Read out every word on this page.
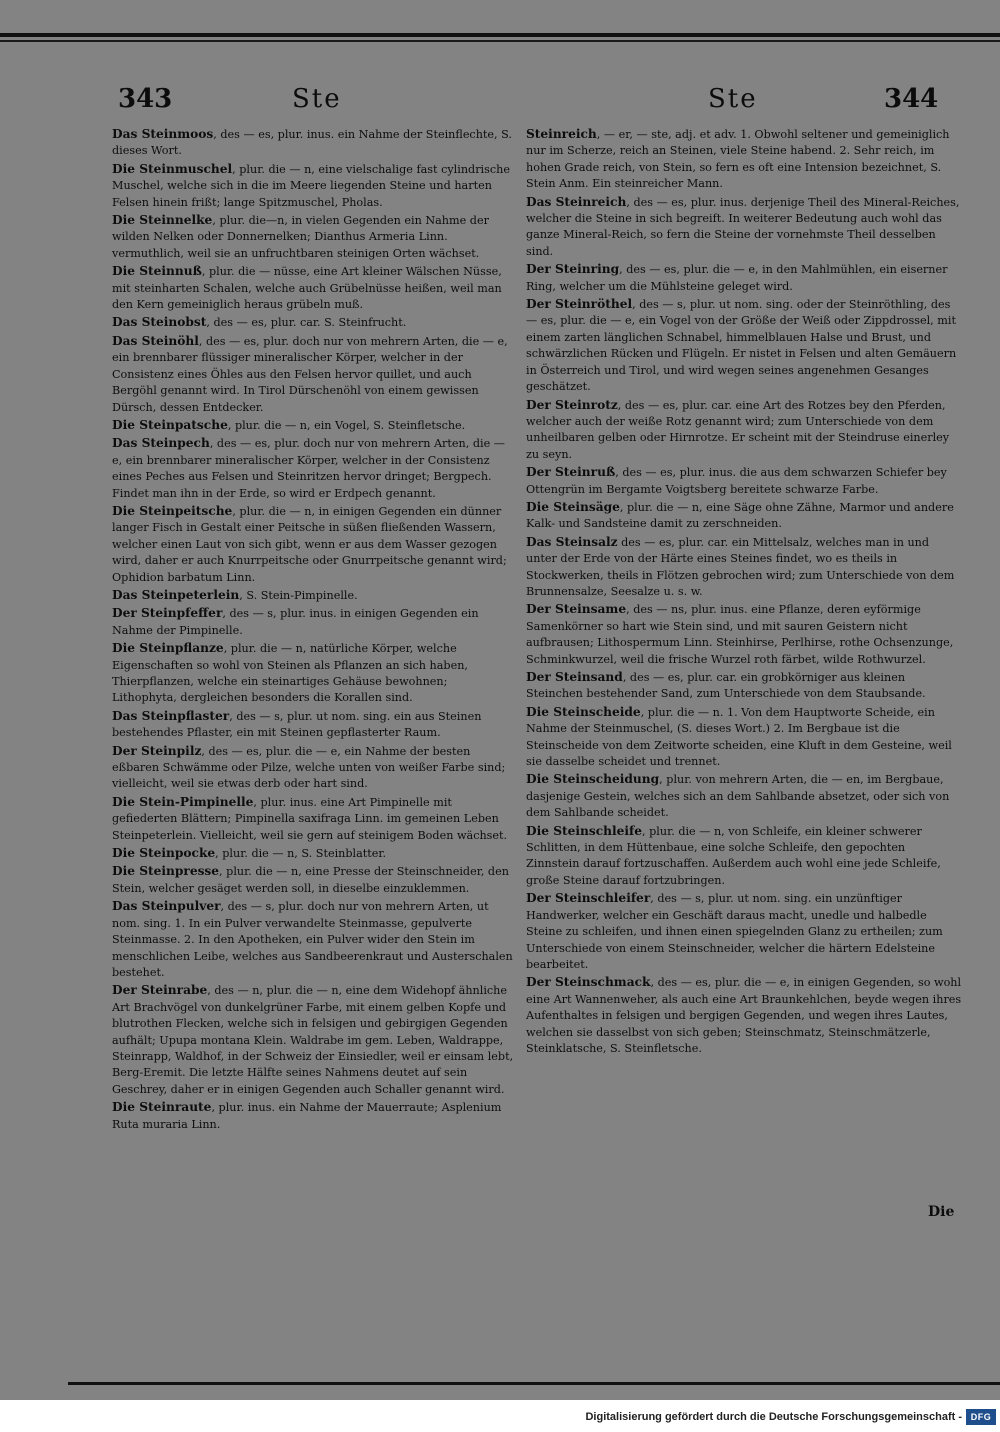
343	Ste	Ste	344
Das Steinmoos, des — es, plur. inus. ein Nahme der Steinflechte, S. dieses Wort.
Die Steinmuschel, plur. die — n, eine vielschalige fast cylindrische Muschel, welche sich in die im Meere liegenden Steine und harten Felsen hinein frißt; lange Spitzmuschel, Pholas.
Die Steinnelke, plur. die—n, in vielen Gegenden ein Nahme der wilden Nelken oder Donnernelken; Dianthus Armeria Linn. vermuthlich, weil sie an unfruchtbaren steinigen Orten wächset.
Die Steinnuß, plur. die — nüsse, eine Art kleiner Wälschen Nüsse, mit steinharten Schalen, welche auch Grübelnüsse heißen, weil man den Kern gemeiniglich heraus grübeln muß.
Das Steinobst, des — es, plur. car. S. Steinfrucht.
Das Steinöhl, des — es, plur. doch nur von mehrern Arten, die — e, ein brennbarer flüssiger mineralischer Körper, welcher in der Consistenz eines Öhles aus den Felsen hervor quillet, und auch Bergöhl genannt wird. In Tirol Dürschenöhl von einem gewissen Dürsch, dessen Entdecker.
Die Steinpatsche, plur. die — n, ein Vogel, S. Steinfletsche.
Das Steinpech, des — es, plur. doch nur von mehrern Arten, die — e, ein brennbarer mineralischer Körper, welcher in der Consistenz eines Peches aus Felsen und Steinritzen hervor dringet; Bergpech. Findet man ihn in der Erde, so wird er Erdpech genannt.
Die Steinpeitsche, plur. die — n, in einigen Gegenden ein dünner langer Fisch in Gestalt einer Peitsche in süßen fließenden Wassern, welcher einen Laut von sich gibt, wenn er aus dem Wasser gezogen wird, daher er auch Knurrpeitsche oder Gnurrpeitsche genannt wird; Ophidion barbatum Linn.
Das Steinpeterlein, S. Stein-Pimpinelle.
Der Steinpfeffer, des — s, plur. inus. in einigen Gegenden ein Nahme der Pimpinelle.
Die Steinpflanze, plur. die — n, natürliche Körper, welche Eigenschaften so wohl von Steinen als Pflanzen an sich haben, Thierpflanzen, welche ein steinartiges Gehäuse bewohnen; Lithophyta, dergleichen besonders die Korallen sind.
Das Steinpflaster, des — s, plur. ut nom. sing. ein aus Steinen bestehendes Pflaster, ein mit Steinen gepflasterter Raum.
Der Steinpilz, des — es, plur. die — e, ein Nahme der besten eßbaren Schwämme oder Pilze, welche unten von weißer Farbe sind; vielleicht, weil sie etwas derb oder hart sind.
Die Stein-Pimpinelle, plur. inus. eine Art Pimpinelle mit gefiederten Blättern; Pimpinella saxifraga Linn. im gemeinen Leben Steinpeterlein. Vielleicht, weil sie gern auf steinigem Boden wächset.
Die Steinpocke, plur. die — n, S. Steinblatter.
Die Steinpresse, plur. die — n, eine Presse der Steinschneider, den Stein, welcher gesäget werden soll, in dieselbe einzuklemmen.
Das Steinpulver, des — s, plur. doch nur von mehrern Arten, ut nom. sing. 1. In ein Pulver verwandelte Steinmasse, gepulverte Steinmasse. 2. In den Apotheken, ein Pulver wider den Stein im menschlichen Leibe, welches aus Sandbeerenkraut und Austerschalen bestehet.
Der Steinrabe, des — n, plur. die — n, eine dem Widehopf ähnliche Art Brachvögel von dunkelgrüner Farbe, mit einem gelben Kopfe und blutrothen Flecken, welche sich in felsigen und gebirgigen Gegenden aufhält; Upupa montana Klein. Waldrabe im gem. Leben, Waldrappe, Steinrapp, Waldhof, in der Schweiz der Einsiedler, weil er einsam lebt, Berg-Eremit. Die letzte Hälfte seines Nahmens deutet auf sein Geschrey, daher er in einigen Gegenden auch Schaller genannt wird.
Die Steinraute, plur. inus. ein Nahme der Mauerraute; Asplenium Ruta muraria Linn.
Steinreich, — er, — ste, adj. et adv. 1. Obwohl seltener und gemeiniglich nur im Scherze, reich an Steinen, viele Steine habend. 2. Sehr reich, im hohen Grade reich, von Stein, so fern es oft eine Intension bezeichnet, S. Stein Anm. Ein steinreicher Mann.
Das Steinreich, des — es, plur. inus. derjenige Theil des Mineral-Reiches, welcher die Steine in sich begreift. In weiterer Bedeutung auch wohl das ganze Mineral-Reich, so fern die Steine der vornehmste Theil desselben sind.
Der Steinring, des — es, plur. die — e, in den Mahlmühlen, ein eiserner Ring, welcher um die Mühlsteine geleget wird.
Der Steinröthel, des — s, plur. ut nom. sing. oder der Steinröthling, des — es, plur. die — e, ein Vogel von der Größe der Weiß oder Zippdrossel, mit einem zarten länglichen Schnabel, himmelblauen Halse und Brust, und schwärzlichen Rücken und Flügeln. Er nistet in Felsen und alten Gemäuern in Österreich und Tirol, und wird wegen seines angenehmen Gesanges geschätzet.
Der Steinrotz, des — es, plur. car. eine Art des Rotzes bey den Pferden, welcher auch der weiße Rotz genannt wird; zum Unterschiede von dem unheilbaren gelben oder Hirnrotze. Er scheint mit der Steindruse einerley zu seyn.
Der Steinruß, des — es, plur. inus. die aus dem schwarzen Schiefer bey Ottengrün im Bergamte Voigtsberg bereitete schwarze Farbe.
Die Steinsäge, plur. die — n, eine Säge ohne Zähne, Marmor und andere Kalk- und Sandsteine damit zu zerschneiden.
Das Steinsalz des — es, plur. car. ein Mittelsalz, welches man in und unter der Erde von der Härte eines Steines findet, wo es theils in Stockwerken, theils in Flötzen gebrochen wird; zum Unterschiede von dem Brunnensalze, Seesalze u. s. w.
Der Steinsame, des — ns, plur. inus. eine Pflanze, deren eyförmige Samenkörner so hart wie Stein sind, und mit sauren Geistern nicht aufbrausen; Lithospermum Linn. Steinhirse, Perlhirse, rothe Ochsenzunge, Schminkwurzel, weil die frische Wurzel roth färbet, wilde Rothwurzel.
Der Steinsand, des — es, plur. car. ein grobkörniger aus kleinen Steinchen bestehender Sand, zum Unterschiede von dem Staubsande.
Die Steinscheide, plur. die — n. 1. Von dem Hauptworte Scheide, ein Nahme der Steinmuschel, (S. dieses Wort.) 2. Im Bergbaue ist die Steinscheide von dem Zeitworte scheiden, eine Kluft in dem Gesteine, weil sie dasselbe scheidet und trennet.
Die Steinscheidung, plur. von mehrern Arten, die — en, im Bergbaue, dasjenige Gestein, welches sich an dem Sahlbande absetzet, oder sich von dem Sahlbande scheidet.
Die Steinschleife, plur. die — n, von Schleife, ein kleiner schwerer Schlitten, in dem Hüttenbaue, eine solche Schleife, den gepochten Zinnstein darauf fortzuschaffen. Außerdem auch wohl eine jede Schleife, große Steine darauf fortzubringen.
Der Steinschleifer, des — s, plur. ut nom. sing. ein unzünftiger Handwerker, welcher ein Geschäft daraus macht, unedle und halbedle Steine zu schleifen, und ihnen einen spiegelnden Glanz zu ertheilen; zum Unterschiede von einem Steinschneider, welcher die härtern Edelsteine bearbeitet.
Der Steinschmack, des — es, plur. die — e, in einigen Gegenden, so wohl eine Art Wannenweher, als auch eine Art Braunkehlchen, beyde wegen ihres Aufenthaltes in felsigen und bergigen Gegenden, und wegen ihres Lautes, welchen sie dasselbst von sich geben; Steinschmatz, Steinschmätzerle, Steinklatsche, S. Steinfletsche.
Die
Digitalisierung gefördert durch die Deutsche Forschungsgemeinschaft - DFG
